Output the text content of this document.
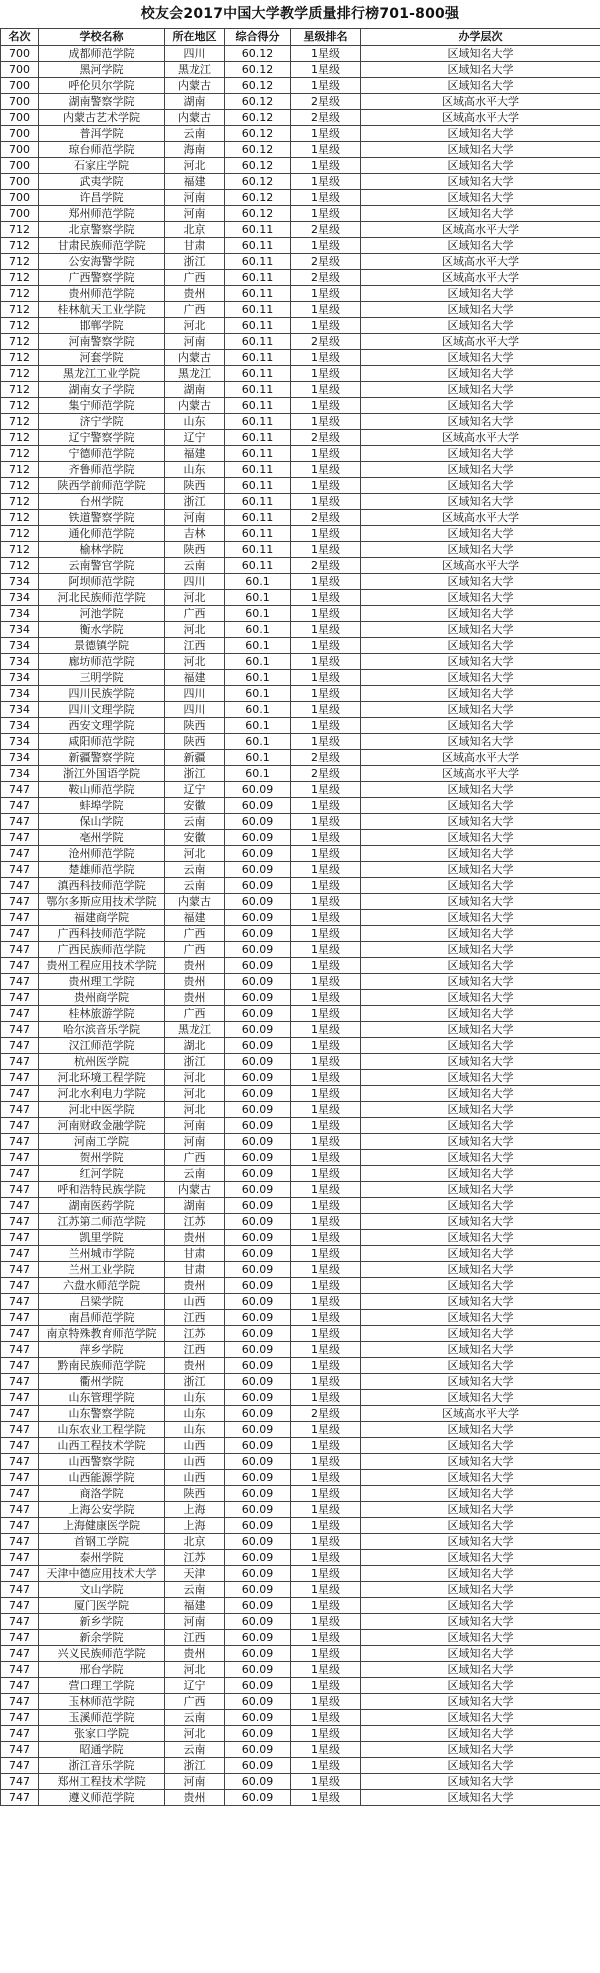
校友会2017中国大学教学质量排行榜701-800强
名次	学校名称	所在地区	综合得分	星级排名	办学层次
700	成都师范学院	四川	60.12	1星级	区域知名大学
700	黑河学院	黑龙江	60.12	1星级	区域知名大学
700	呼伦贝尔学院	内蒙古	60.12	1星级	区域知名大学
700	湖南警察学院	湖南	60.12	2星级	区域高水平大学
700	内蒙古艺术学院	内蒙古	60.12	2星级	区域高水平大学
700	普洱学院	云南	60.12	1星级	区域知名大学
700	琼台师范学院	海南	60.12	1星级	区域知名大学
700	石家庄学院	河北	60.12	1星级	区域知名大学
700	武夷学院	福建	60.12	1星级	区域知名大学
700	许昌学院	河南	60.12	1星级	区域知名大学
700	郑州师范学院	河南	60.12	1星级	区域知名大学
712	北京警察学院	北京	60.11	2星级	区域高水平大学
712	甘肃民族师范学院	甘肃	60.11	1星级	区域知名大学
712	公安海警学院	浙江	60.11	2星级	区域高水平大学
712	广西警察学院	广西	60.11	2星级	区域高水平大学
712	贵州师范学院	贵州	60.11	1星级	区域知名大学
712	桂林航天工业学院	广西	60.11	1星级	区域知名大学
712	邯郸学院	河北	60.11	1星级	区域知名大学
712	河南警察学院	河南	60.11	2星级	区域高水平大学
712	河套学院	内蒙古	60.11	1星级	区域知名大学
712	黑龙江工业学院	黑龙江	60.11	1星级	区域知名大学
712	湖南女子学院	湖南	60.11	1星级	区域知名大学
712	集宁师范学院	内蒙古	60.11	1星级	区域知名大学
712	济宁学院	山东	60.11	1星级	区域知名大学
712	辽宁警察学院	辽宁	60.11	2星级	区域高水平大学
712	宁德师范学院	福建	60.11	1星级	区域知名大学
712	齐鲁师范学院	山东	60.11	1星级	区域知名大学
712	陕西学前师范学院	陕西	60.11	1星级	区域知名大学
712	台州学院	浙江	60.11	1星级	区域知名大学
712	铁道警察学院	河南	60.11	2星级	区域高水平大学
712	通化师范学院	吉林	60.11	1星级	区域知名大学
712	榆林学院	陕西	60.11	1星级	区域知名大学
712	云南警官学院	云南	60.11	2星级	区域高水平大学
734	阿坝师范学院	四川	60.1	1星级	区域知名大学
734	河北民族师范学院	河北	60.1	1星级	区域知名大学
734	河池学院	广西	60.1	1星级	区域知名大学
734	衡水学院	河北	60.1	1星级	区域知名大学
734	景德镇学院	江西	60.1	1星级	区域知名大学
734	廊坊师范学院	河北	60.1	1星级	区域知名大学
734	三明学院	福建	60.1	1星级	区域知名大学
734	四川民族学院	四川	60.1	1星级	区域知名大学
734	四川文理学院	四川	60.1	1星级	区域知名大学
734	西安文理学院	陕西	60.1	1星级	区域知名大学
734	咸阳师范学院	陕西	60.1	1星级	区域知名大学
734	新疆警察学院	新疆	60.1	2星级	区域高水平大学
734	浙江外国语学院	浙江	60.1	2星级	区域高水平大学
747	鞍山师范学院	辽宁	60.09	1星级	区域知名大学
747	蚌埠学院	安徽	60.09	1星级	区域知名大学
747	保山学院	云南	60.09	1星级	区域知名大学
747	亳州学院	安徽	60.09	1星级	区域知名大学
747	沧州师范学院	河北	60.09	1星级	区域知名大学
747	楚雄师范学院	云南	60.09	1星级	区域知名大学
747	滇西科技师范学院	云南	60.09	1星级	区域知名大学
747	鄂尔多斯应用技术学院	内蒙古	60.09	1星级	区域知名大学
747	福建商学院	福建	60.09	1星级	区域知名大学
747	广西科技师范学院	广西	60.09	1星级	区域知名大学
747	广西民族师范学院	广西	60.09	1星级	区域知名大学
747	贵州工程应用技术学院	贵州	60.09	1星级	区域知名大学
747	贵州理工学院	贵州	60.09	1星级	区域知名大学
747	贵州商学院	贵州	60.09	1星级	区域知名大学
747	桂林旅游学院	广西	60.09	1星级	区域知名大学
747	哈尔滨音乐学院	黑龙江	60.09	1星级	区域知名大学
747	汉江师范学院	湖北	60.09	1星级	区域知名大学
747	杭州医学院	浙江	60.09	1星级	区域知名大学
747	河北环境工程学院	河北	60.09	1星级	区域知名大学
747	河北水利电力学院	河北	60.09	1星级	区域知名大学
747	河北中医学院	河北	60.09	1星级	区域知名大学
747	河南财政金融学院	河南	60.09	1星级	区域知名大学
747	河南工学院	河南	60.09	1星级	区域知名大学
747	贺州学院	广西	60.09	1星级	区域知名大学
747	红河学院	云南	60.09	1星级	区域知名大学
747	呼和浩特民族学院	内蒙古	60.09	1星级	区域知名大学
747	湖南医药学院	湖南	60.09	1星级	区域知名大学
747	江苏第二师范学院	江苏	60.09	1星级	区域知名大学
747	凯里学院	贵州	60.09	1星级	区域知名大学
747	兰州城市学院	甘肃	60.09	1星级	区域知名大学
747	兰州工业学院	甘肃	60.09	1星级	区域知名大学
747	六盘水师范学院	贵州	60.09	1星级	区域知名大学
747	吕梁学院	山西	60.09	1星级	区域知名大学
747	南昌师范学院	江西	60.09	1星级	区域知名大学
747	南京特殊教育师范学院	江苏	60.09	1星级	区域知名大学
747	萍乡学院	江西	60.09	1星级	区域知名大学
747	黔南民族师范学院	贵州	60.09	1星级	区域知名大学
747	衢州学院	浙江	60.09	1星级	区域知名大学
747	山东管理学院	山东	60.09	1星级	区域知名大学
747	山东警察学院	山东	60.09	2星级	区域高水平大学
747	山东农业工程学院	山东	60.09	1星级	区域知名大学
747	山西工程技术学院	山西	60.09	1星级	区域知名大学
747	山西警察学院	山西	60.09	1星级	区域知名大学
747	山西能源学院	山西	60.09	1星级	区域知名大学
747	商洛学院	陕西	60.09	1星级	区域知名大学
747	上海公安学院	上海	60.09	1星级	区域知名大学
747	上海健康医学院	上海	60.09	1星级	区域知名大学
747	首钢工学院	北京	60.09	1星级	区域知名大学
747	泰州学院	江苏	60.09	1星级	区域知名大学
747	天津中德应用技术大学	天津	60.09	1星级	区域知名大学
747	文山学院	云南	60.09	1星级	区域知名大学
747	厦门医学院	福建	60.09	1星级	区域知名大学
747	新乡学院	河南	60.09	1星级	区域知名大学
747	新余学院	江西	60.09	1星级	区域知名大学
747	兴义民族师范学院	贵州	60.09	1星级	区域知名大学
747	邢台学院	河北	60.09	1星级	区域知名大学
747	营口理工学院	辽宁	60.09	1星级	区域知名大学
747	玉林师范学院	广西	60.09	1星级	区域知名大学
747	玉溪师范学院	云南	60.09	1星级	区域知名大学
747	张家口学院	河北	60.09	1星级	区域知名大学
747	昭通学院	云南	60.09	1星级	区域知名大学
747	浙江音乐学院	浙江	60.09	1星级	区域知名大学
747	郑州工程技术学院	河南	60.09	1星级	区域知名大学
747	遵义师范学院	贵州	60.09	1星级	区域知名大学
